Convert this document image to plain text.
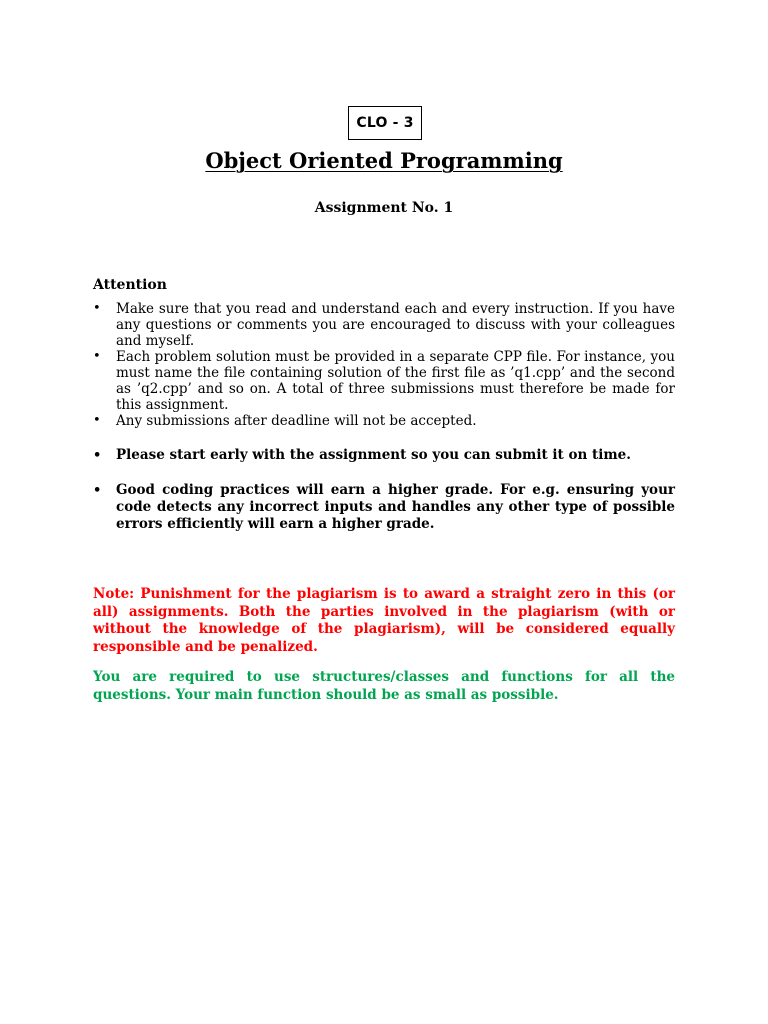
CLO - 3
Object Oriented Programming
Assignment No. 1
Attention
• Make sure that you read and understand each and every instruction. If you have any questions or comments you are encouraged to discuss with your colleagues and myself.
• Each problem solution must be provided in a separate CPP file. For instance, you must name the file containing solution of the first file as ’q1.cpp’ and the second as ’q2.cpp’ and so on. A total of three submissions must therefore be made for this assignment.
• Any submissions after deadline will not be accepted.
• Please start early with the assignment so you can submit it on time.
• Good coding practices will earn a higher grade. For e.g. ensuring your code detects any incorrect inputs and handles any other type of possible errors efficiently will earn a higher grade.
Note: Punishment for the plagiarism is to award a straight zero in this (or all) assignments. Both the parties involved in the plagiarism (with or without the knowledge of the plagiarism), will be considered equally responsible and be penalized.
You are required to use structures/classes and functions for all the questions. Your main function should be as small as possible.
